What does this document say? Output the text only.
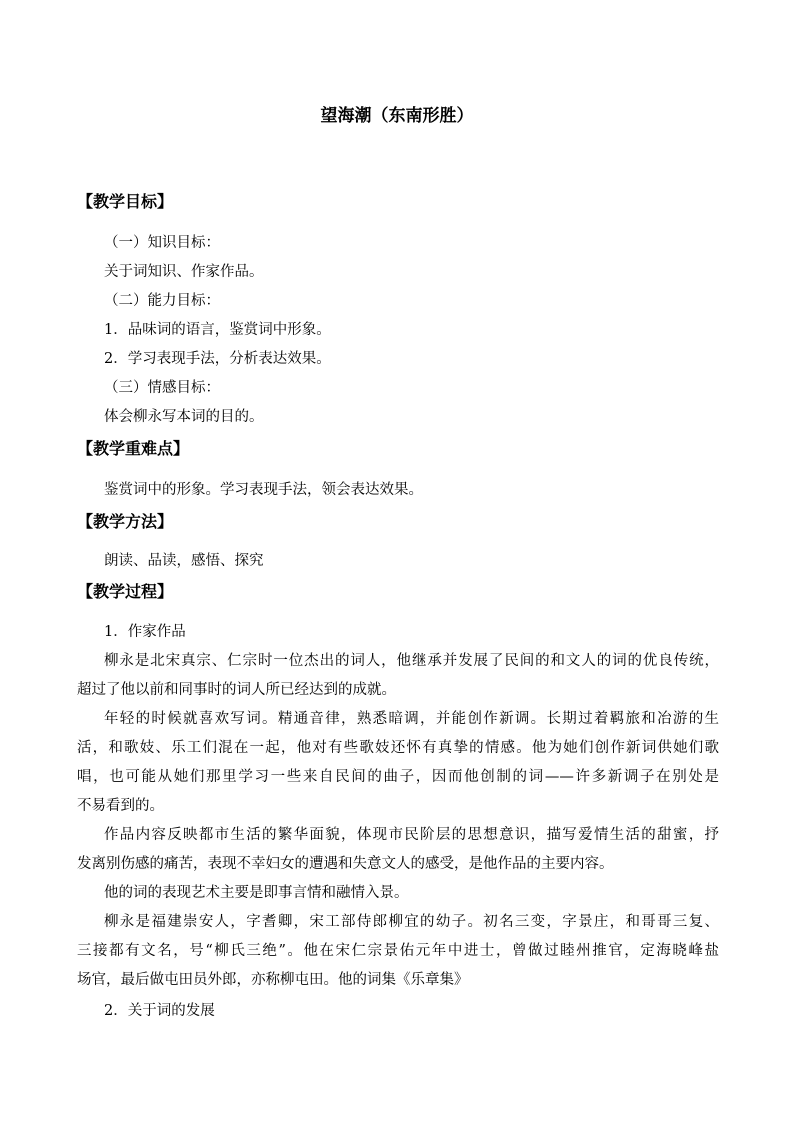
望海潮（东南形胜）
【教学目标】
（一）知识目标：
关于词知识、作家作品。
（二）能力目标：
1．品味词的语言，鉴赏词中形象。
2．学习表现手法，分析表达效果。
（三）情感目标：
体会柳永写本词的目的。
【教学重难点】
鉴赏词中的形象。学习表现手法，领会表达效果。
【教学方法】
朗读、品读，感悟、探究
【教学过程】
1．作家作品
柳永是北宋真宗、仁宗时一位杰出的词人，他继承并发展了民间的和文人的词的优良传统，
超过了他以前和同事时的词人所已经达到的成就。
年轻的时候就喜欢写词。精通音律，熟悉暗调，并能创作新调。长期过着羁旅和冶游的生
活，和歌妓、乐工们混在一起，他对有些歌妓还怀有真挚的情感。他为她们创作新词供她们歌
唱，也可能从她们那里学习一些来自民间的曲子，因而他创制的词——许多新调子在别处是
不易看到的。
作品内容反映都市生活的繁华面貌，体现市民阶层的思想意识，描写爱情生活的甜蜜，抒
发离别伤感的痛苦，表现不幸妇女的遭遇和失意文人的感受，是他作品的主要内容。
他的词的表现艺术主要是即事言情和融情入景。
柳永是福建崇安人，字耆卿，宋工部侍郎柳宜的幼子。初名三变，字景庄，和哥哥三复、
三接都有文名，号“柳氏三绝”。他在宋仁宗景佑元年中进士，曾做过睦州推官，定海晓峰盐
场官，最后做屯田员外郎，亦称柳屯田。他的词集《乐章集》
2．关于词的发展
